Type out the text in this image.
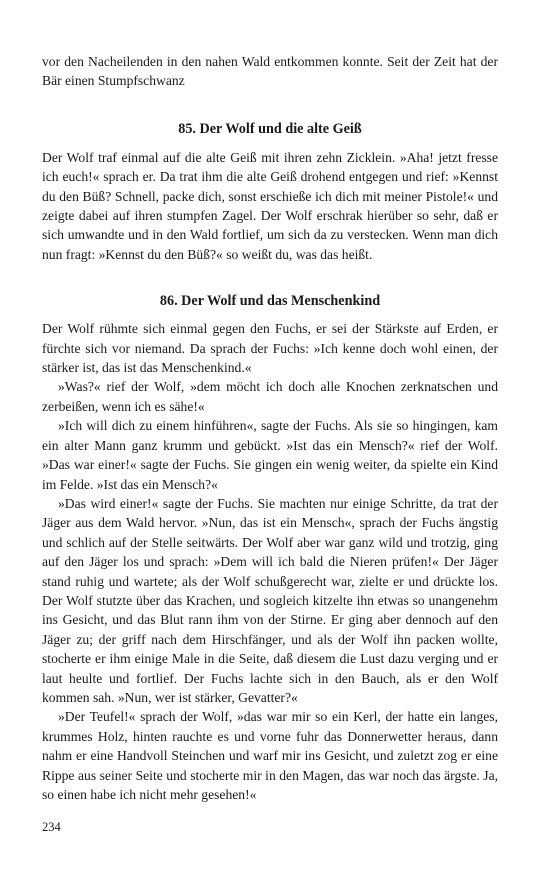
vor den Nacheilenden in den nahen Wald entkommen konnte. Seit der Zeit hat der Bär einen Stumpfschwanz

85. Der Wolf und die alte Geiß

Der Wolf traf einmal auf die alte Geiß mit ihren zehn Zicklein. »Aha! jetzt fresse ich euch!« sprach er. Da trat ihm die alte Geiß drohend entgegen und rief: »Kennst du den Büß? Schnell, packe dich, sonst erschieße ich dich mit meiner Pistole!« und zeigte dabei auf ihren stumpfen Zagel. Der Wolf erschrak hierüber so sehr, daß er sich umwandte und in den Wald fortlief, um sich da zu verstecken. Wenn man dich nun fragt: »Kennst du den Büß?« so weißt du, was das heißt.

86. Der Wolf und das Menschenkind

Der Wolf rühmte sich einmal gegen den Fuchs, er sei der Stärkste auf Erden, er fürchte sich vor niemand. Da sprach der Fuchs: »Ich kenne doch wohl einen, der stärker ist, das ist das Menschenkind.«

»Was?« rief der Wolf, »dem möcht ich doch alle Knochen zerknatschen und zerbeißen, wenn ich es sähe!«

»Ich will dich zu einem hinführen«, sagte der Fuchs. Als sie so hingingen, kam ein alter Mann ganz krumm und gebückt. »Ist das ein Mensch?« rief der Wolf. »Das war einer!« sagte der Fuchs. Sie gingen ein wenig weiter, da spielte ein Kind im Felde. »Ist das ein Mensch?«

»Das wird einer!« sagte der Fuchs. Sie machten nur einige Schritte, da trat der Jäger aus dem Wald hervor. »Nun, das ist ein Mensch«, sprach der Fuchs ängstig und schlich auf der Stelle seitwärts. Der Wolf aber war ganz wild und trotzig, ging auf den Jäger los und sprach: »Dem will ich bald die Nieren prüfen!« Der Jäger stand ruhig und wartete; als der Wolf schußgerecht war, zielte er und drückte los. Der Wolf stutzte über das Krachen, und sogleich kitzelte ihn etwas so unangenehm ins Gesicht, und das Blut rann ihm von der Stirne. Er ging aber dennoch auf den Jäger zu; der griff nach dem Hirschfänger, und als der Wolf ihn packen wollte, stocherte er ihm einige Male in die Seite, daß diesem die Lust dazu verging und er laut heulte und fortlief. Der Fuchs lachte sich in den Bauch, als er den Wolf kommen sah. »Nun, wer ist stärker, Gevatter?«

»Der Teufel!« sprach der Wolf, »das war mir so ein Kerl, der hatte ein langes, krummes Holz, hinten rauchte es und vorne fuhr das Donnerwetter heraus, dann nahm er eine Handvoll Steinchen und warf mir ins Gesicht, und zuletzt zog er eine Rippe aus seiner Seite und stocherte mir in den Magen, das war noch das ärgste. Ja, so einen habe ich nicht mehr gesehen!«

234
